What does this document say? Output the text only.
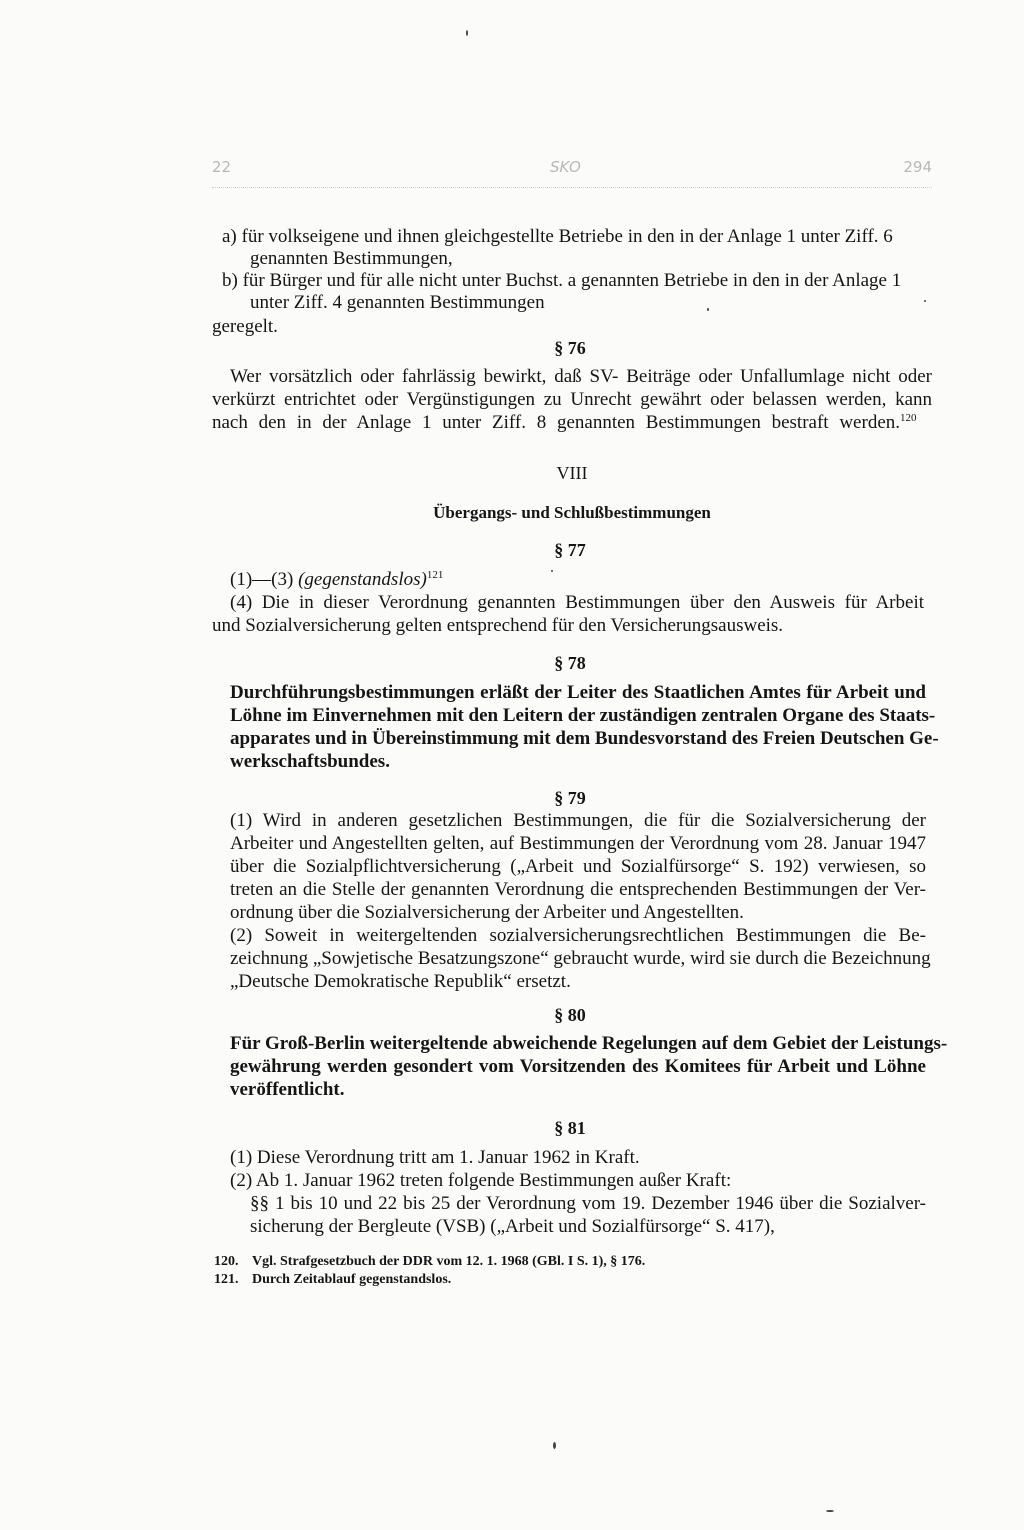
22	SKO	294
a) für volkseigene und ihnen gleichgestellte Betriebe in den in der Anlage 1 unter Ziff. 6
genannten Bestimmungen,
b) für Bürger und für alle nicht unter Buchst. a genannten Betriebe in den in der Anlage 1
unter Ziff. 4 genannten Bestimmungen
geregelt.
§ 76
Wer vorsätzlich oder fahrlässig bewirkt, daß SV- Beiträge oder Unfallumlage nicht oder
verkürzt entrichtet oder Vergünstigungen zu Unrecht gewährt oder belassen werden, kann
nach den in der Anlage 1 unter Ziff. 8 genannten Bestimmungen bestraft werden.$^{120}$
VIII
Übergangs- und Schlußbestimmungen
§ 77
(1)—(3) (gegenstandslos)$^{121}$
(4) Die in dieser Verordnung genannten Bestimmungen über den Ausweis für Arbeit
und Sozialversicherung gelten entsprechend für den Versicherungsausweis.
§ 78
Durchführungsbestimmungen erläßt der Leiter des Staatlichen Amtes für Arbeit und
Löhne im Einvernehmen mit den Leitern der zuständigen zentralen Organe des Staats-
apparates und in Übereinstimmung mit dem Bundesvorstand des Freien Deutschen Ge-
werkschaftsbundes.
§ 79
(1) Wird in anderen gesetzlichen Bestimmungen, die für die Sozialversicherung der
Arbeiter und Angestellten gelten, auf Bestimmungen der Verordnung vom 28. Januar 1947
über die Sozialpflichtversicherung („Arbeit und Sozialfürsorge“ S. 192) verwiesen, so
treten an die Stelle der genannten Verordnung die entsprechenden Bestimmungen der Ver-
ordnung über die Sozialversicherung der Arbeiter und Angestellten.
(2) Soweit in weitergeltenden sozialversicherungsrechtlichen Bestimmungen die Be-
zeichnung „Sowjetische Besatzungszone“ gebraucht wurde, wird sie durch die Bezeichnung
„Deutsche Demokratische Republik“ ersetzt.
§ 80
Für Groß-Berlin weitergeltende abweichende Regelungen auf dem Gebiet der Leistungs-
gewährung werden gesondert vom Vorsitzenden des Komitees für Arbeit und Löhne
veröffentlicht.
§ 81
(1) Diese Verordnung tritt am 1. Januar 1962 in Kraft.
(2) Ab 1. Januar 1962 treten folgende Bestimmungen außer Kraft:
§§ 1 bis 10 und 22 bis 25 der Verordnung vom 19. Dezember 1946 über die Sozialver-
sicherung der Bergleute (VSB) („Arbeit und Sozialfürsorge“ S. 417),
120. Vgl. Strafgesetzbuch der DDR vom 12. 1. 1968 (GBl. I S. 1), § 176.
121. Durch Zeitablauf gegenstandslos.
